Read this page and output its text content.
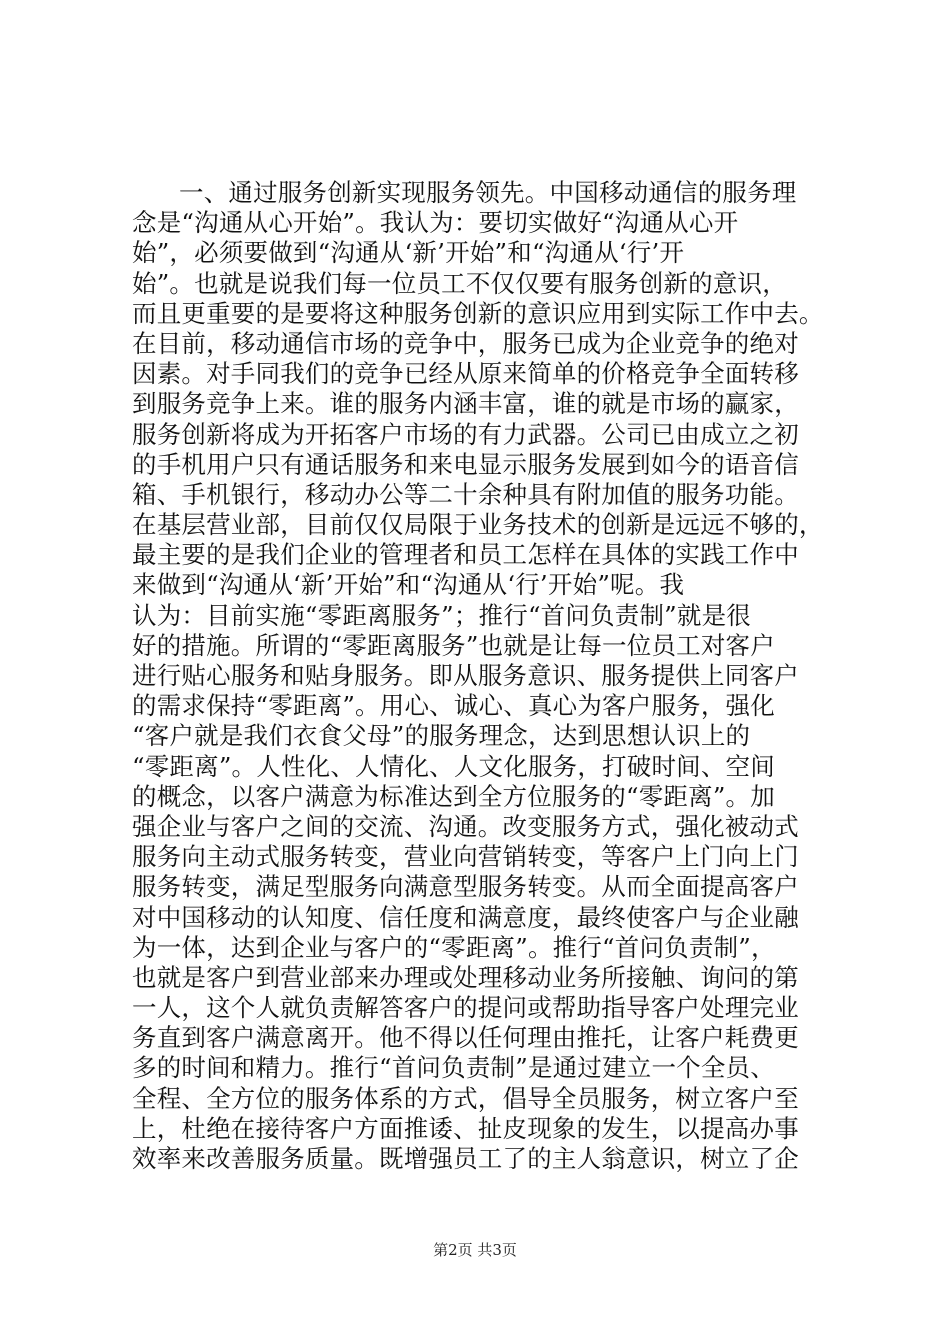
一、通过服务创新实现服务领先。中国移动通信的服务理
念是“沟通从心开始”。我认为：要切实做好“沟通从心开
始”，必须要做到“沟通从‘新’开始”和“沟通从‘行’开
始”。也就是说我们每一位员工不仅仅要有服务创新的意识，
而且更重要的是要将这种服务创新的意识应用到实际工作中去。
在目前，移动通信市场的竞争中，服务已成为企业竞争的绝对
因素。对手同我们的竞争已经从原来简单的价格竞争全面转移
到服务竞争上来。谁的服务内涵丰富，谁的就是市场的赢家，
服务创新将成为开拓客户市场的有力武器。公司已由成立之初
的手机用户只有通话服务和来电显示服务发展到如今的语音信
箱、手机银行，移动办公等二十余种具有附加值的服务功能。
在基层营业部，目前仅仅局限于业务技术的创新是远远不够的，
最主要的是我们企业的管理者和员工怎样在具体的实践工作中
来做到“沟通从‘新’开始”和“沟通从‘行’开始”呢。我
认为：目前实施“零距离服务”；推行“首问负责制”就是很
好的措施。所谓的“零距离服务”也就是让每一位员工对客户
进行贴心服务和贴身服务。即从服务意识、服务提供上同客户
的需求保持“零距离”。用心、诚心、真心为客户服务，强化
“客户就是我们衣食父母”的服务理念，达到思想认识上的
“零距离”。人性化、人情化、人文化服务，打破时间、空间
的概念，以客户满意为标准达到全方位服务的“零距离”。加
强企业与客户之间的交流、沟通。改变服务方式，强化被动式
服务向主动式服务转变，营业向营销转变，等客户上门向上门
服务转变，满足型服务向满意型服务转变。从而全面提高客户
对中国移动的认知度、信任度和满意度，最终使客户与企业融
为一体，达到企业与客户的“零距离”。推行“首问负责制”，
也就是客户到营业部来办理或处理移动业务所接触、询问的第
一人，这个人就负责解答客户的提问或帮助指导客户处理完业
务直到客户满意离开。他不得以任何理由推托，让客户耗费更
多的时间和精力。推行“首问负责制”是通过建立一个全员、
全程、全方位的服务体系的方式，倡导全员服务，树立客户至
上，杜绝在接待客户方面推诿、扯皮现象的发生，以提高办事
效率来改善服务质量。既增强员工了的主人翁意识，树立了企
第2页 共3页
